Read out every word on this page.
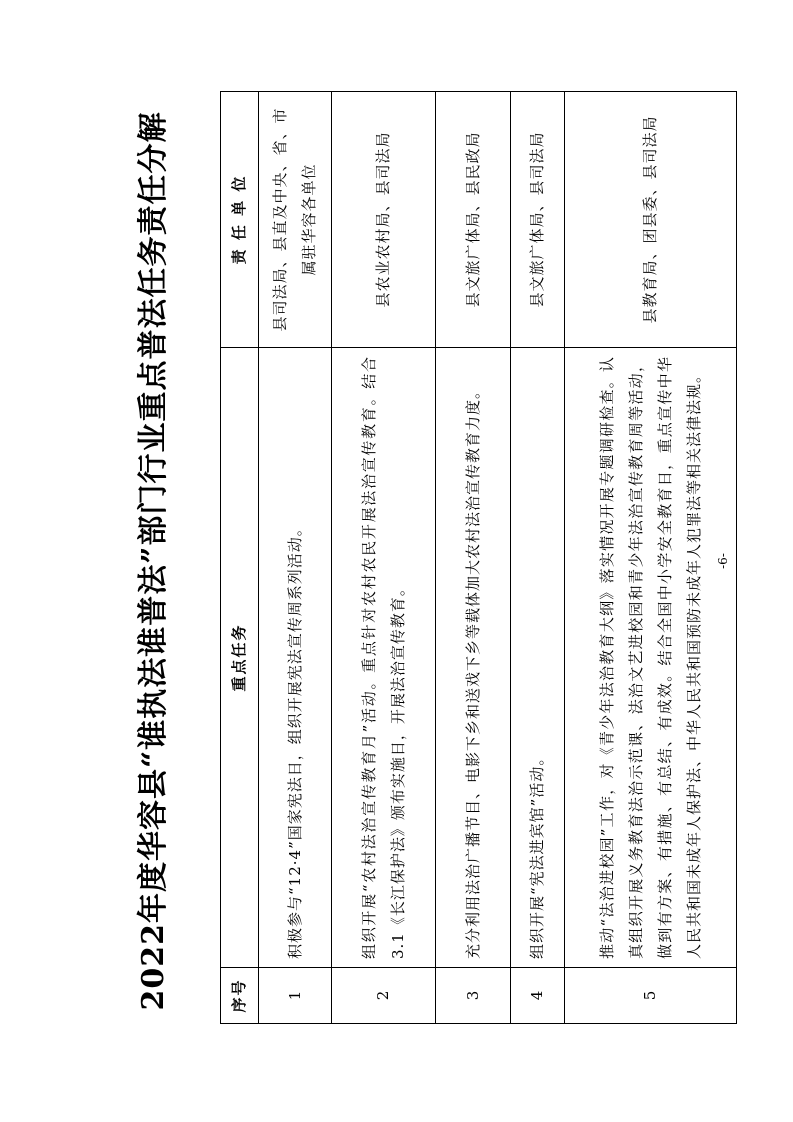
2022年度华容县“谁执法谁普法”部门行业重点普法任务责任分解	序号	重点任务	责 任 单 位
1	积极参与“12·4”国家宪法日，组织开展宪法宣传周系列活动。	县司法局、县直及中央、省、市属驻华容各单位
2	组织开展“农村法治宣传教育月”活动。重点针对农村农民开展法治宣传教育。结合3.1《长江保护法》颁布实施日，开展法治宣传教育。	县农业农村局、县司法局
3	充分利用法治广播节目、电影下乡和送戏下乡等载体加大农村法治宣传教育力度。	县文旅广体局、县民政局
4	组织开展“宪法进宾馆”活动。	县文旅广体局、县司法局
5	推动“法治进校园”工作，对《青少年法治教育大纲》落实情况开展专题调研检查。认真组织开展义务教育法治示范课、法治文艺进校园和青少年法治宣传教育周等活动，做到有方案、有措施、有总结、有成效。结合全国中小学安全教育日，重点宣传中华人民共和国未成年人保护法、中华人民共和国预防未成年人犯罪法等相关法律法规。	县教育局、团县委、县司法局
-6-
